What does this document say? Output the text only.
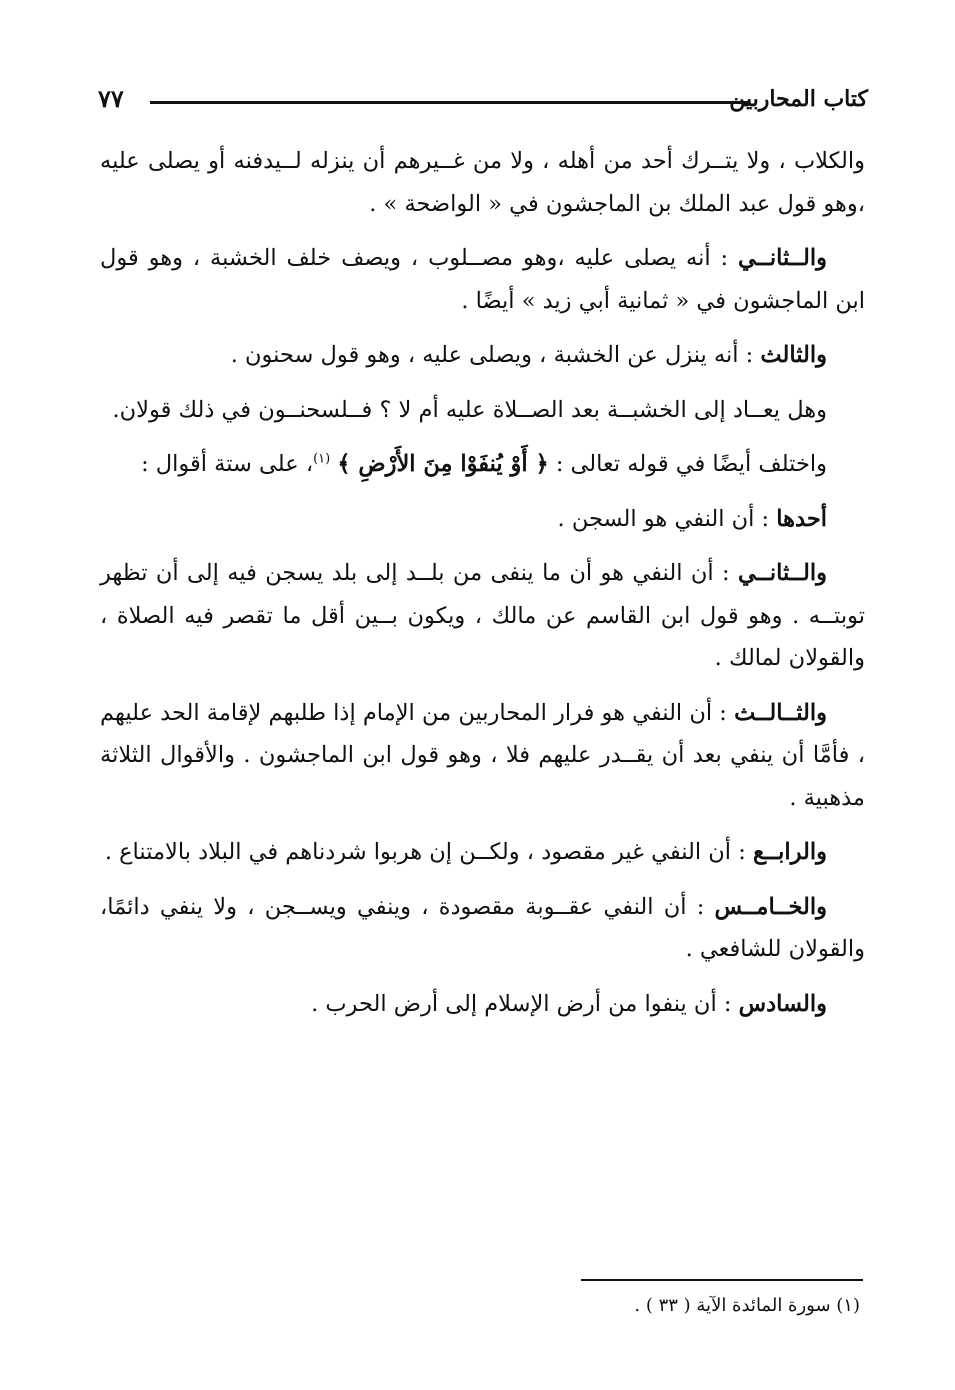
كتاب المحاربين
٧٧

والكلاب ، ولا يتــرك أحد من أهله ، ولا من غــيرهم أن ينزله لــيدفنه أو يصلى عليه ،وهو قول عبد الملك بن الماجشون في « الواضحة » .

والــثانــي : أنه يصلى عليه ،وهو مصــلوب ، ويصف خلف الخشبة ، وهو قول ابن الماجشون في « ثمانية أبي زيد » أيضًا .

والثالث : أنه ينزل عن الخشبة ، ويصلى عليه ، وهو قول سحنون .

وهل يعــاد إلى الخشبــة بعد الصــلاة عليه أم لا ؟ فــلسحنــون في ذلك قولان.

واختلف أيضًا في قوله تعالى : ﴿ أَوْ يُنفَوْا مِنَ الأَرْضِ ﴾ $^{(١)}$، على ستة أقوال :

أحدها : أن النفي هو السجن .

والــثانــي : أن النفي هو أن ما ينفى من بلــد إلى بلد يسجن فيه إلى أن تظهر توبتــه . وهو قول ابن القاسم عن مالك ، ويكون بــين أقل ما تقصر فيه الصلاة ، والقولان لمالك .

والثــالــث : أن النفي هو فرار المحاربين من الإمام إذا طلبهم لإقامة الحد عليهم ، فأمَّا أن ينفي بعد أن يقــدر عليهم فلا ، وهو قول ابن الماجشون . والأقوال الثلاثة مذهبية .

والرابــع : أن النفي غير مقصود ، ولكــن إن هربوا شردناهم في البلاد بالامتناع .

والخــامــس : أن النفي عقــوبة مقصودة ، وينفي ويســجن ، ولا ينفي دائمًا، والقولان للشافعي .

والسادس : أن ينفوا من أرض الإسلام إلى أرض الحرب .

(١) سورة المائدة الآية ( ٣٣ ) .
